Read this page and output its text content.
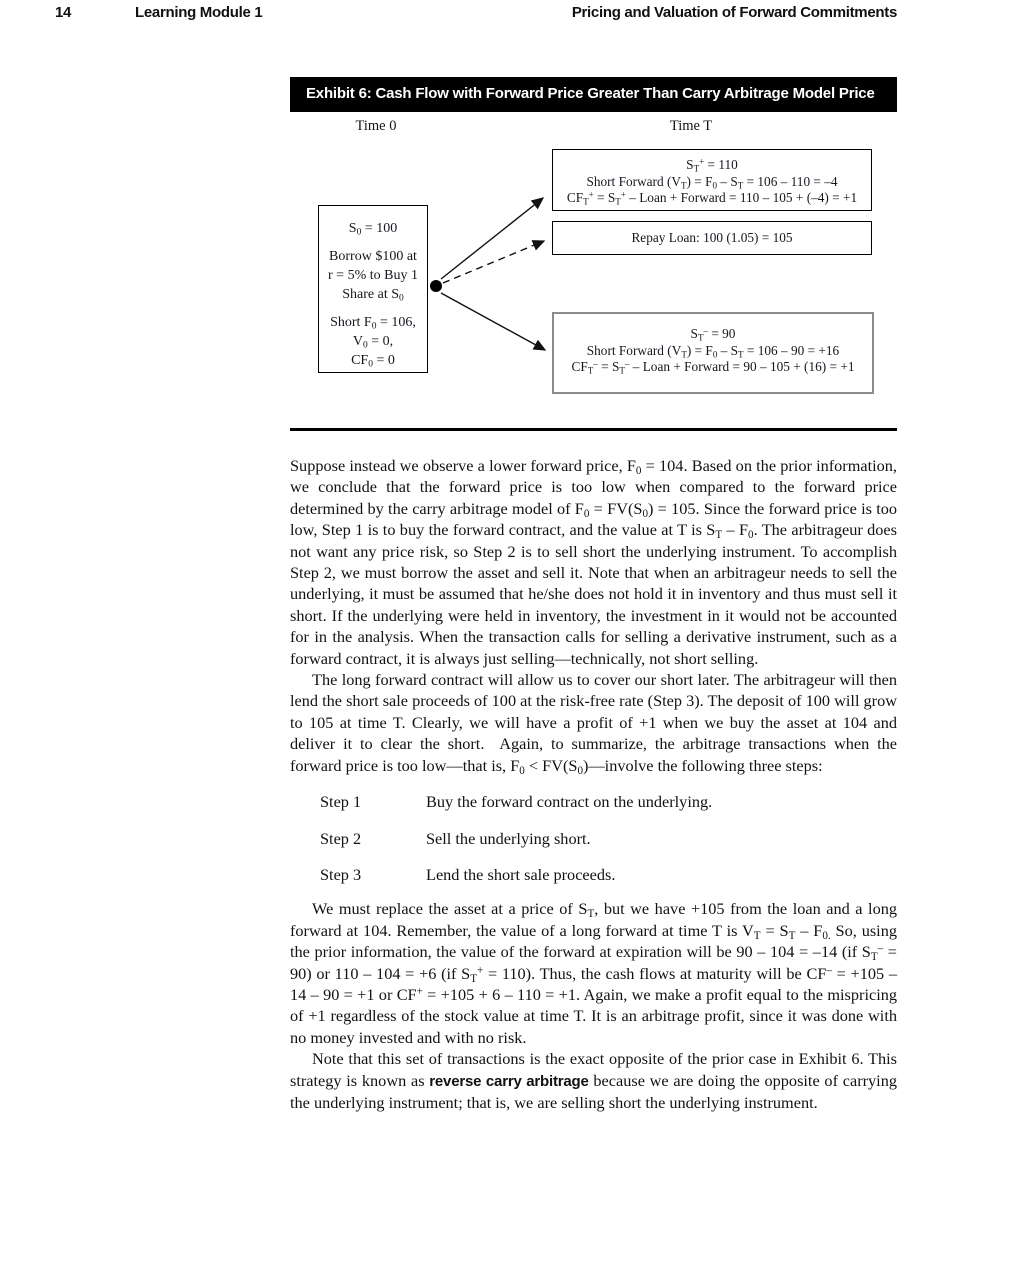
14	Learning Module 1	Pricing and Valuation of Forward Commitments
Exhibit 6: Cash Flow with Forward Price Greater Than Carry Arbitrage Model Price
Time 0	Time T
$S_0 = 100$
Borrow $100 at
r = 5% to Buy 1
Share at $S_0$
Short $F_0 = 106$,
$V_0 = 0$,
$CF_0 = 0$
$S_T^+ = 110$
Short Forward $(V_T) = F_0 - S_T = 106 - 110 = -4$
$CF_T^+ = S_T^+$ – Loan + Forward = 110 – 105 + (–4) = +1
Repay Loan: 100 (1.05) = 105
$S_T^- = 90$
Short Forward $(V_T) = F_0 - S_T = 106 - 90 = +16$
$CF_T^- = S_T^-$ – Loan + Forward = 90 – 105 + (16) = +1

Suppose instead we observe a lower forward price, $F_0 = 104$. Based on the prior information, we conclude that the forward price is too low when compared to the forward price determined by the carry arbitrage model of $F_0 = FV(S_0) = 105$. Since the forward price is too low, Step 1 is to buy the forward contract, and the value at T is $S_T - F_0$. The arbitrageur does not want any price risk, so Step 2 is to sell short the underlying instrument. To accomplish Step 2, we must borrow the asset and sell it. Note that when an arbitrageur needs to sell the underlying, it must be assumed that he/she does not hold it in inventory and thus must sell it short. If the underlying were held in inventory, the investment in it would not be accounted for in the analysis. When the transaction calls for selling a derivative instrument, such as a forward contract, it is always just selling—technically, not short selling.

The long forward contract will allow us to cover our short later. The arbitrageur will then lend the short sale proceeds of 100 at the risk-free rate (Step 3). The deposit of 100 will grow to 105 at time T. Clearly, we will have a profit of +1 when we buy the asset at 104 and deliver it to clear the short.  Again, to summarize, the arbitrage transactions when the forward price is too low—that is, $F_0$ < $FV(S_0)—involve$ the following three steps:

Step 1	Buy the forward contract on the underlying.
Step 2	Sell the underlying short.
Step 3	Lend the short sale proceeds.

We must replace the asset at a price of $S_T$, but we have +105 from the loan and a long forward at 104. Remember, the value of a long forward at time T is $V_T = S_T - F_{0.}$ So, using the prior information, the value of the forward at expiration will be 90 – 104 = –14 (if $S_T^- = 90$) or 110 – 104 = +6 (if $S_T^+ = 110$). Thus, the cash flows at maturity will be CF– = +105 – 14 – 90 = +1 or CF+ = +105 + 6 – 110 = +1. Again, we make a profit equal to the mispricing of +1 regardless of the stock value at time T. It is an arbitrage profit, since it was done with no money invested and with no risk.

Note that this set of transactions is the exact opposite of the prior case in Exhibit 6. This strategy is known as reverse carry arbitrage because we are doing the opposite of carrying the underlying instrument; that is, we are selling short the underlying instrument.
